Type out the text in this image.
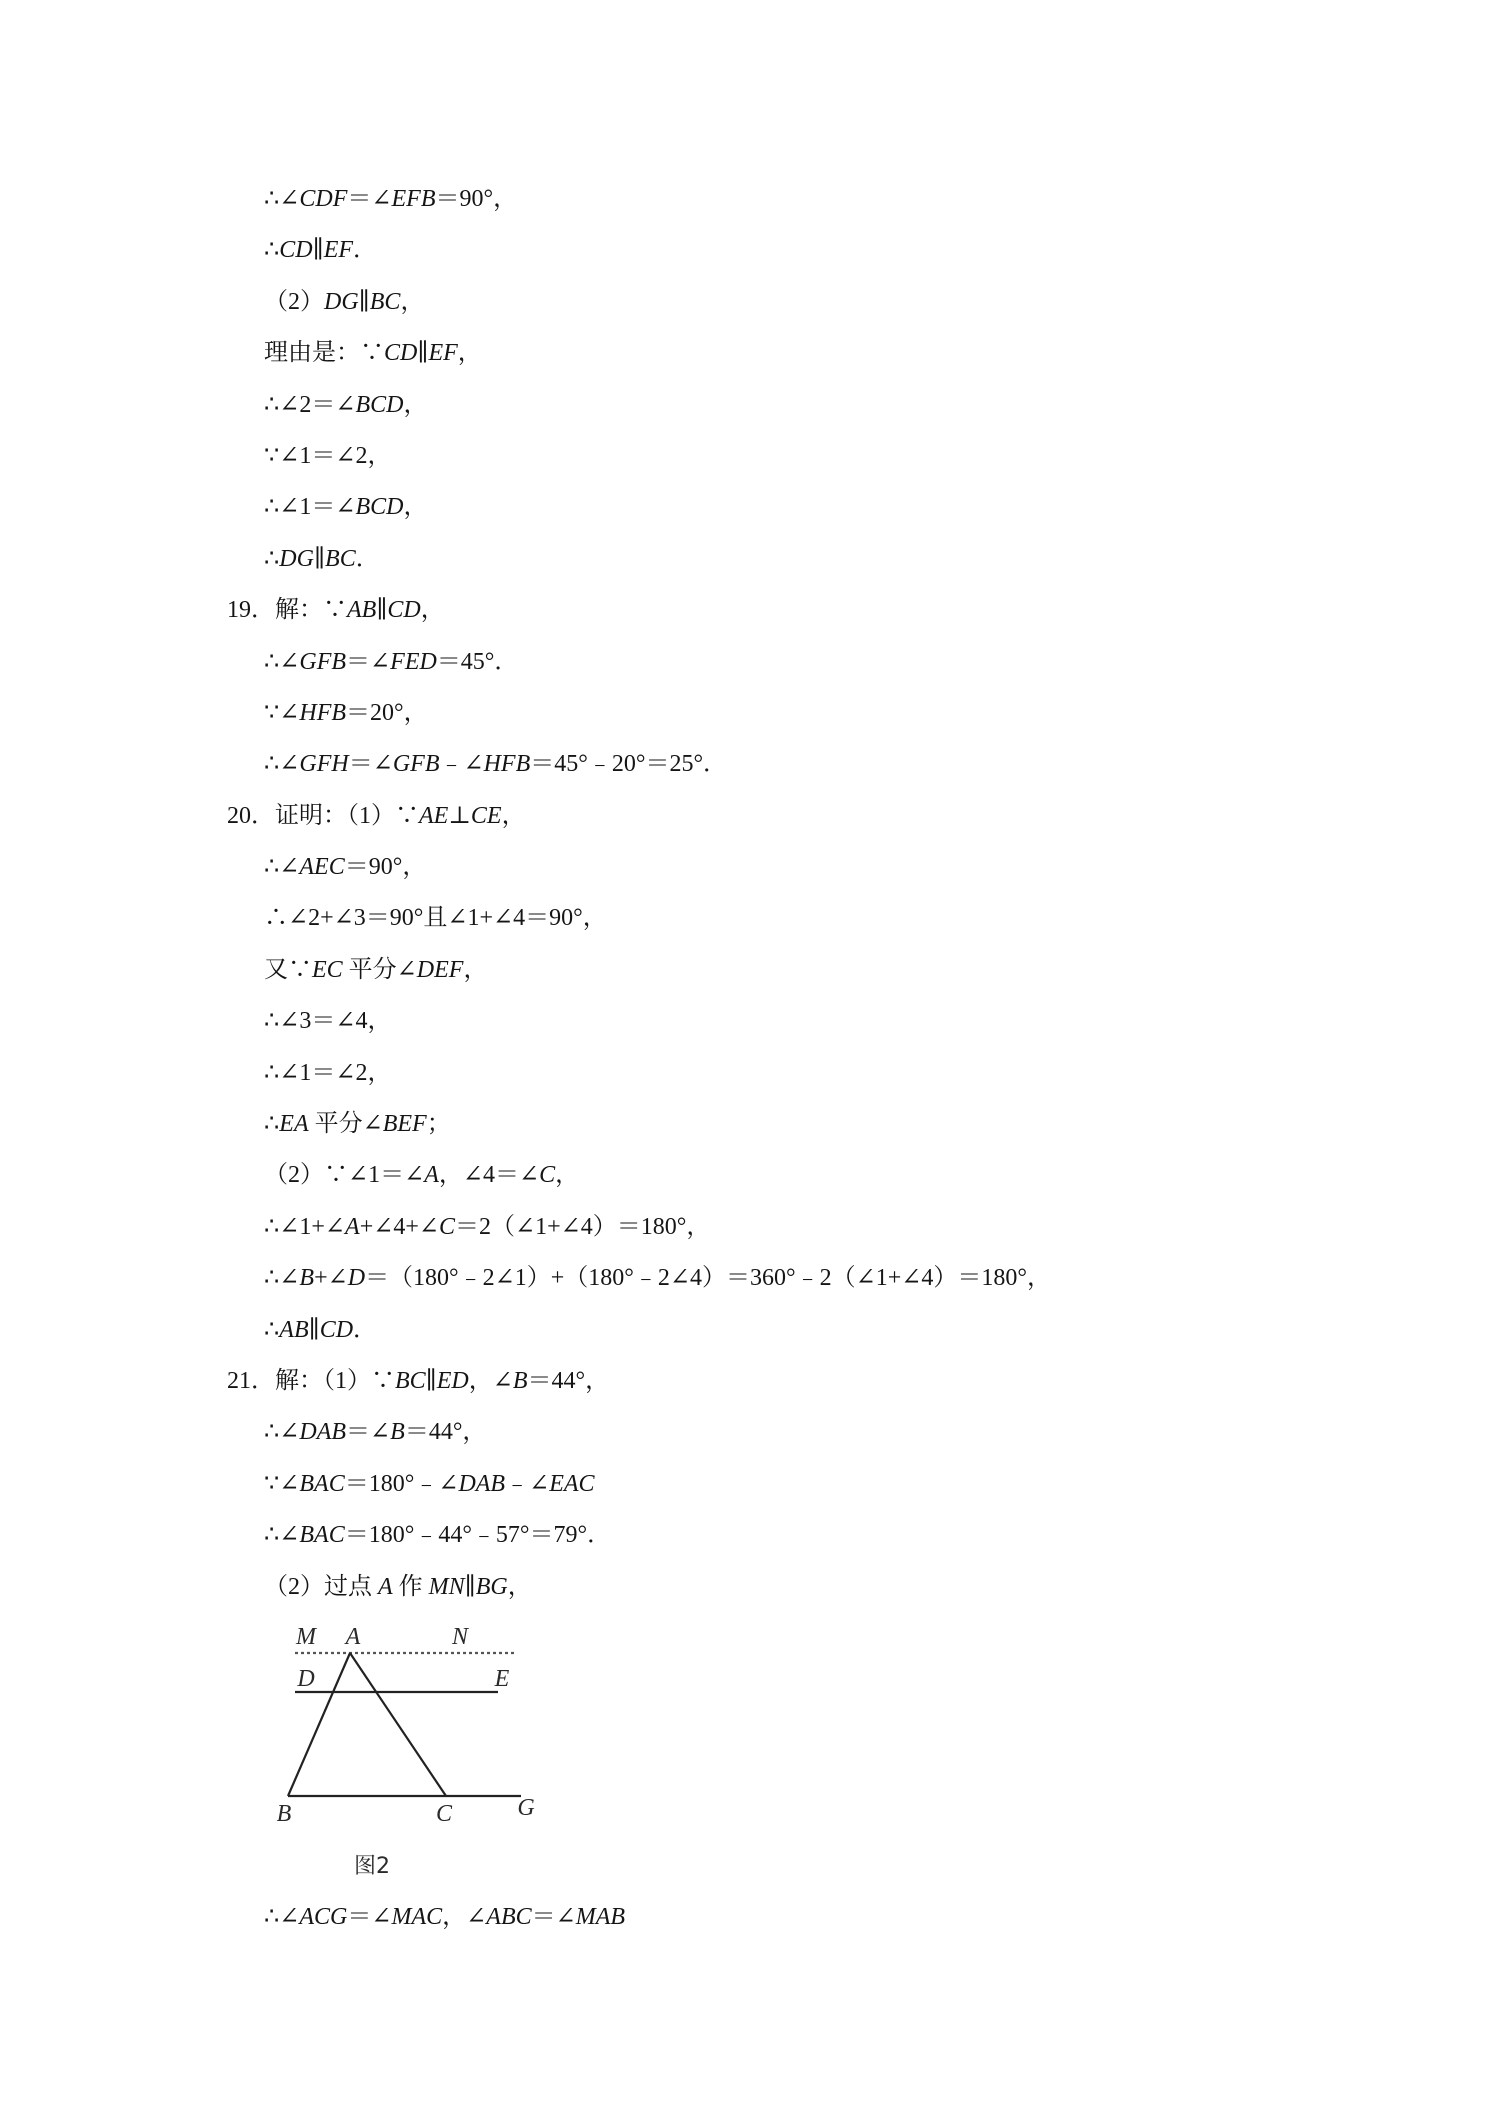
∴∠CDF＝∠EFB＝90°，
∴CD∥EF．
（2）DG∥BC，
理由是：∵CD∥EF，
∴∠2＝∠BCD，
∵∠1＝∠2，
∴∠1＝∠BCD，
∴DG∥BC．
19．解：∵AB∥CD，
∴∠GFB＝∠FED＝45°．
∵∠HFB＝20°，
∴∠GFH＝∠GFB﹣∠HFB＝45°﹣20°＝25°．
20．证明：（1）∵AE⊥CE，
∴∠AEC＝90°，
∴∠2+∠3＝90°且∠1+∠4＝90°，
又∵EC 平分∠DEF，
∴∠3＝∠4，
∴∠1＝∠2，
∴EA 平分∠BEF；
（2）∵∠1＝∠A，∠4＝∠C，
∴∠1+∠A+∠4+∠C＝2（∠1+∠4）＝180°，
∴∠B+∠D＝（180°﹣2∠1）+（180°﹣2∠4）＝360°﹣2（∠1+∠4）＝180°，
∴AB∥CD．
21．解：（1）∵BC∥ED，∠B＝44°，
∴∠DAB＝∠B＝44°，
∵∠BAC＝180°﹣∠DAB﹣∠EAC
∴∠BAC＝180°﹣44°﹣57°＝79°．
（2）过点 A 作 MN∥BG，
M A	N
D	E
B	C	G
图2
∴∠ACG＝∠MAC，∠ABC＝∠MAB
